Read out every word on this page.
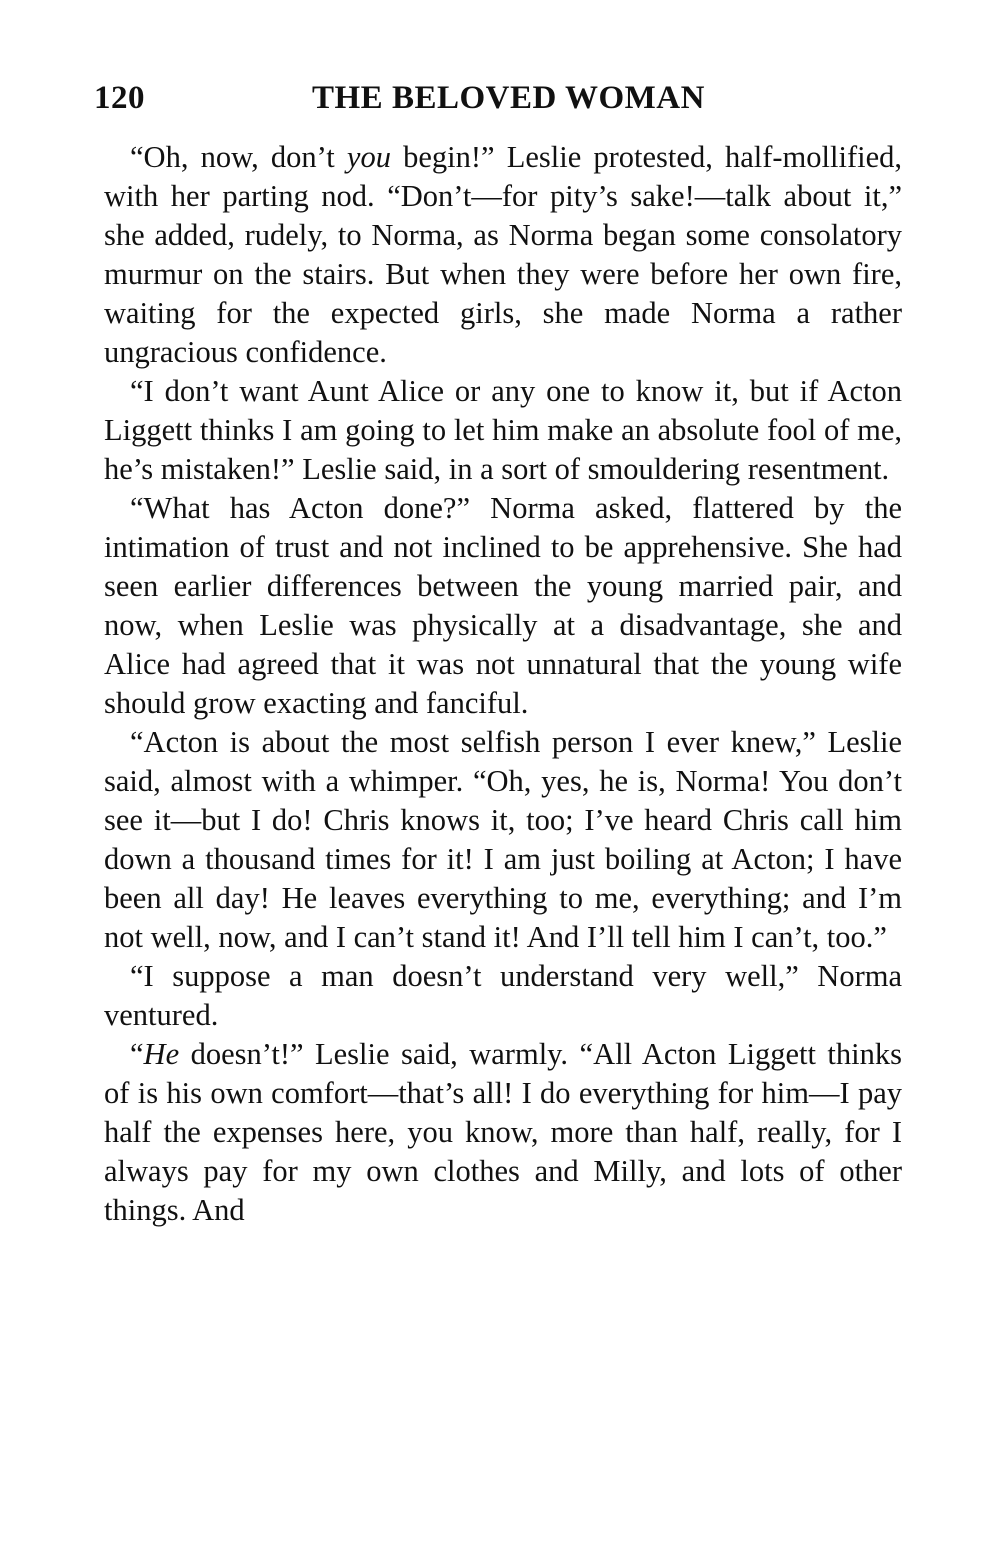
120	THE BELOVED WOMAN

“Oh, now, don’t you begin!” Leslie protested, half-mollified, with her parting nod. “Don’t—for pity’s sake!—talk about it,” she added, rudely, to Norma, as Norma began some consolatory murmur on the stairs. But when they were before her own fire, waiting for the expected girls, she made Norma a rather ungracious confidence.

“I don’t want Aunt Alice or any one to know it, but if Acton Liggett thinks I am going to let him make an absolute fool of me, he’s mistaken!” Leslie said, in a sort of smouldering resentment.

“What has Acton done?” Norma asked, flattered by the intimation of trust and not inclined to be apprehensive. She had seen earlier differences between the young married pair, and now, when Leslie was physically at a disadvantage, she and Alice had agreed that it was not unnatural that the young wife should grow exacting and fanciful.

“Acton is about the most selfish person I ever knew,” Leslie said, almost with a whimper. “Oh, yes, he is, Norma! You don’t see it—but I do! Chris knows it, too; I’ve heard Chris call him down a thousand times for it! I am just boiling at Acton; I have been all day! He leaves everything to me, everything; and I’m not well, now, and I can’t stand it! And I’ll tell him I can’t, too.”

“I suppose a man doesn’t understand very well,” Norma ventured.

“He doesn’t!” Leslie said, warmly. “All Acton Liggett thinks of is his own comfort—that’s all! I do everything for him—I pay half the expenses here, you know, more than half, really, for I always pay for my own clothes and Milly, and lots of other things. And
